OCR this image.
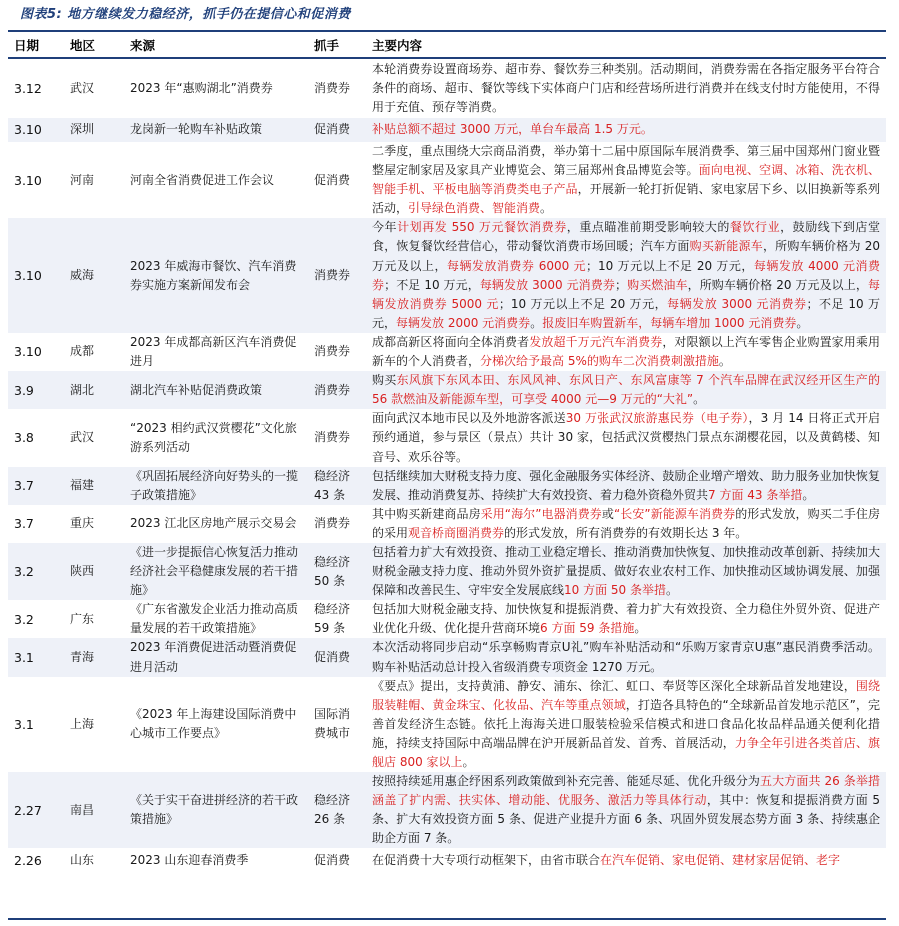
图表5: 地方继续发力稳经济，抓手仍在提信心和促消费
日期	地区	来源	抓手	主要内容
3.12	武汉	2023 年“惠购湖北”消费券	消费券	本轮消费券设置商场券、超市券、餐饮券三种类别。活动期间，消费券需在各指定服务平台符合条件的商场、超市、餐饮等线下实体商户门店和经营场所进行消费并在线支付时方能使用，不得用于充值、预存等消费。
3.10	深圳	龙岗新一轮购车补贴政策	促消费	补贴总额不超过 3000 万元，单台车最高 1.5 万元。
3.10	河南	河南全省消费促进工作会议	促消费	二季度，重点围绕大宗商品消费，举办第十二届中原国际车展消费季、第三届中国郑州门窗业暨整屋定制家居及家具产业博览会、第三届郑州食品博览会等。面向电视、空调、冰箱、洗衣机、智能手机、平板电脑等消费类电子产品，开展新一轮打折促销、家电家居下乡、以旧换新等系列活动，引导绿色消费、智能消费。
3.10	威海	2023 年威海市餐饮、汽车消费券实施方案新闻发布会	消费券	今年计划再发 550 万元餐饮消费券，重点瞄准前期受影响较大的餐饮行业，鼓励线下到店堂食，恢复餐饮经营信心，带动餐饮消费市场回暖；汽车方面购买新能源车，所购车辆价格为 20 万元及以上，每辆发放消费券 6000 元；10 万元以上不足 20 万元，每辆发放 4000 元消费券；不足 10 万元，每辆发放 3000 元消费券；购买燃油车，所购车辆价格 20 万元及以上，每辆发放消费券 5000 元；10 万元以上不足 20 万元，每辆发放 3000 元消费券；不足 10 万元，每辆发放 2000 元消费券。报废旧车购置新车，每辆车增加 1000 元消费券。
3.10	成都	2023 年成都高新区汽车消费促进月	消费券	成都高新区将面向全体消费者发放超千万元汽车消费券，对限额以上汽车零售企业购置家用乘用新车的个人消费者，分梯次给予最高 5%的购车二次消费刺激措施。
3.9	湖北	湖北汽车补贴促消费政策	消费券	购买东风旗下东风本田、东风风神、东风日产、东风富康等 7 个汽车品牌在武汉经开区生产的 56 款燃油及新能源车型，可享受 4000 元—9 万元的“大礼”。
3.8	武汉	“2023 相约武汉赏樱花”文化旅游系列活动	消费券	面向武汉本地市民以及外地游客派送30 万张武汉旅游惠民券（电子券），3 月 14 日将正式开启预约通道，参与景区（景点）共计 30 家，包括武汉赏樱热门景点东湖樱花园，以及黄鹤楼、知音号、欢乐谷等。
3.7	福建	《巩固拓展经济向好势头的一揽子政策措施》	稳经济 43 条	包括继续加大财税支持力度、强化金融服务实体经济、鼓励企业增产增效、助力服务业加快恢复发展、推动消费复苏、持续扩大有效投资、着力稳外资稳外贸共7 方面 43 条举措。
3.7	重庆	2023 江北区房地产展示交易会	消费券	其中购买新建商品房采用“海尔”电器消费券或“长安”新能源车消费券的形式发放，购买二手住房的采用观音桥商圈消费券的形式发放，所有消费券的有效期长达 3 年。
3.2	陕西	《进一步提振信心恢复活力推动经济社会平稳健康发展的若干措施》	稳经济 50 条	包括着力扩大有效投资、推动工业稳定增长、推动消费加快恢复、加快推动改革创新、持续加大财税金融支持力度、推动外贸外资扩量提质、做好农业农村工作、加快推动区域协调发展、加强保障和改善民生、守牢安全发展底线10 方面 50 条举措。
3.2	广东	《广东省激发企业活力推动高质量发展的若干政策措施》	稳经济 59 条	包括加大财税金融支持、加快恢复和提振消费、着力扩大有效投资、全力稳住外贸外资、促进产业优化升级、优化提升营商环境6 方面 59 条措施。
3.1	青海	2023 年消费促进活动暨消费促进月活动	促消费	本次活动将同步启动“乐享畅购青京U礼”购车补贴活动和“乐购万家青京U惠”惠民消费季活动。购车补贴活动总计投入省级消费专项资金 1270 万元。
3.1	上海	《2023 年上海建设国际消费中心城市工作要点》	国际消费城市	《要点》提出，支持黄浦、静安、浦东、徐汇、虹口、奉贤等区深化全球新品首发地建设，围绕服装鞋帽、黄金珠宝、化妆品、汽车等重点领域，打造各具特色的“全球新品首发地示范区”，完善首发经济生态链。依托上海海关进口服装检验采信模式和进口食品化妆品样品通关便利化措施，持续支持国际中高端品牌在沪开展新品首发、首秀、首展活动，力争全年引进各类首店、旗舰店 800 家以上。
2.27	南昌	《关于实干奋进拼经济的若干政策措施》	稳经济 26 条	按照持续延用惠企纾困系列政策做到补充完善、能延尽延、优化升级分为五大方面共 26 条举措涵盖了扩内需、扶实体、增动能、优服务、激活力等具体行动，其中：恢复和提振消费方面 5 条、扩大有效投资方面 5 条、促进产业提升方面 6 条、巩固外贸发展态势方面 3 条、持续惠企助企方面 7 条。
2.26	山东	2023 山东迎春消费季	促消费	在促消费十大专项行动框架下，由省市联合在汽车促销、家电促销、建材家居促销、老字
